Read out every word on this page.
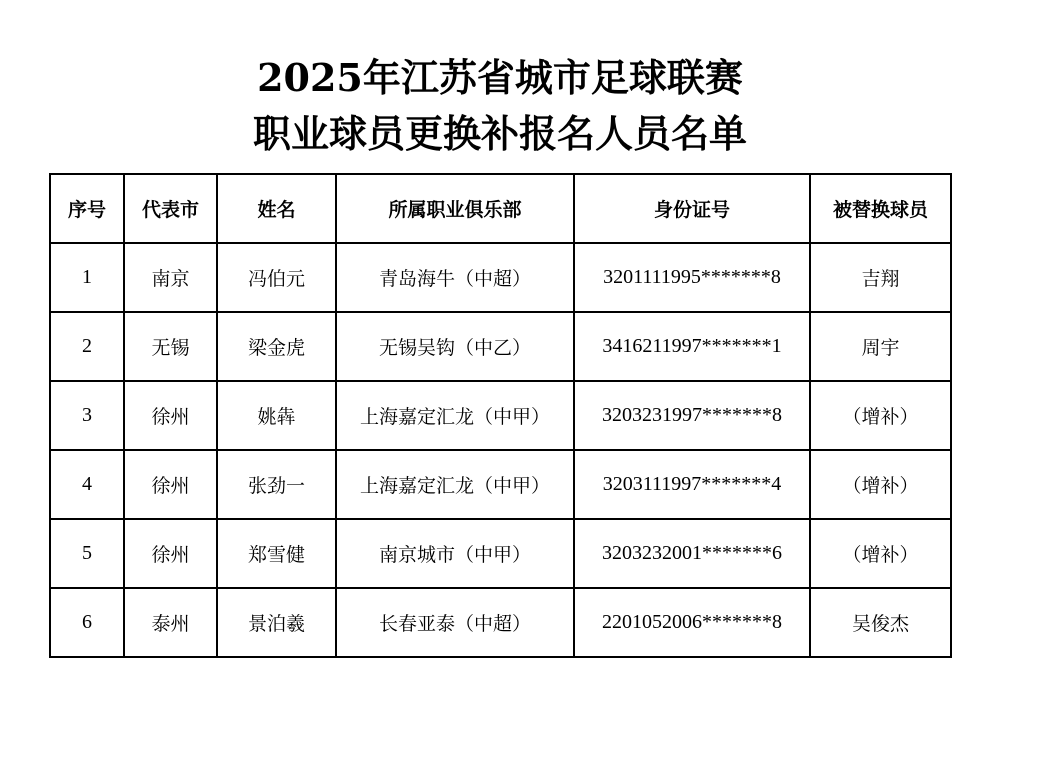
2025年江苏省城市足球联赛
职业球员更换补报名人员名单
序号	代表市	姓名	所属职业俱乐部	身份证号	被替换球员
1	南京	冯伯元	青岛海牛（中超）	3201111995*******8	吉翔
2	无锡	梁金虎	无锡吴钩（中乙）	3416211997*******1	周宇
3	徐州	姚犇	上海嘉定汇龙（中甲）	3203231997*******8	（增补）
4	徐州	张劲一	上海嘉定汇龙（中甲）	3203111997*******4	（增补）
5	徐州	郑雪健	南京城市（中甲）	3203232001*******6	（增补）
6	泰州	景泊羲	长春亚泰（中超）	2201052006*******8	吴俊杰
